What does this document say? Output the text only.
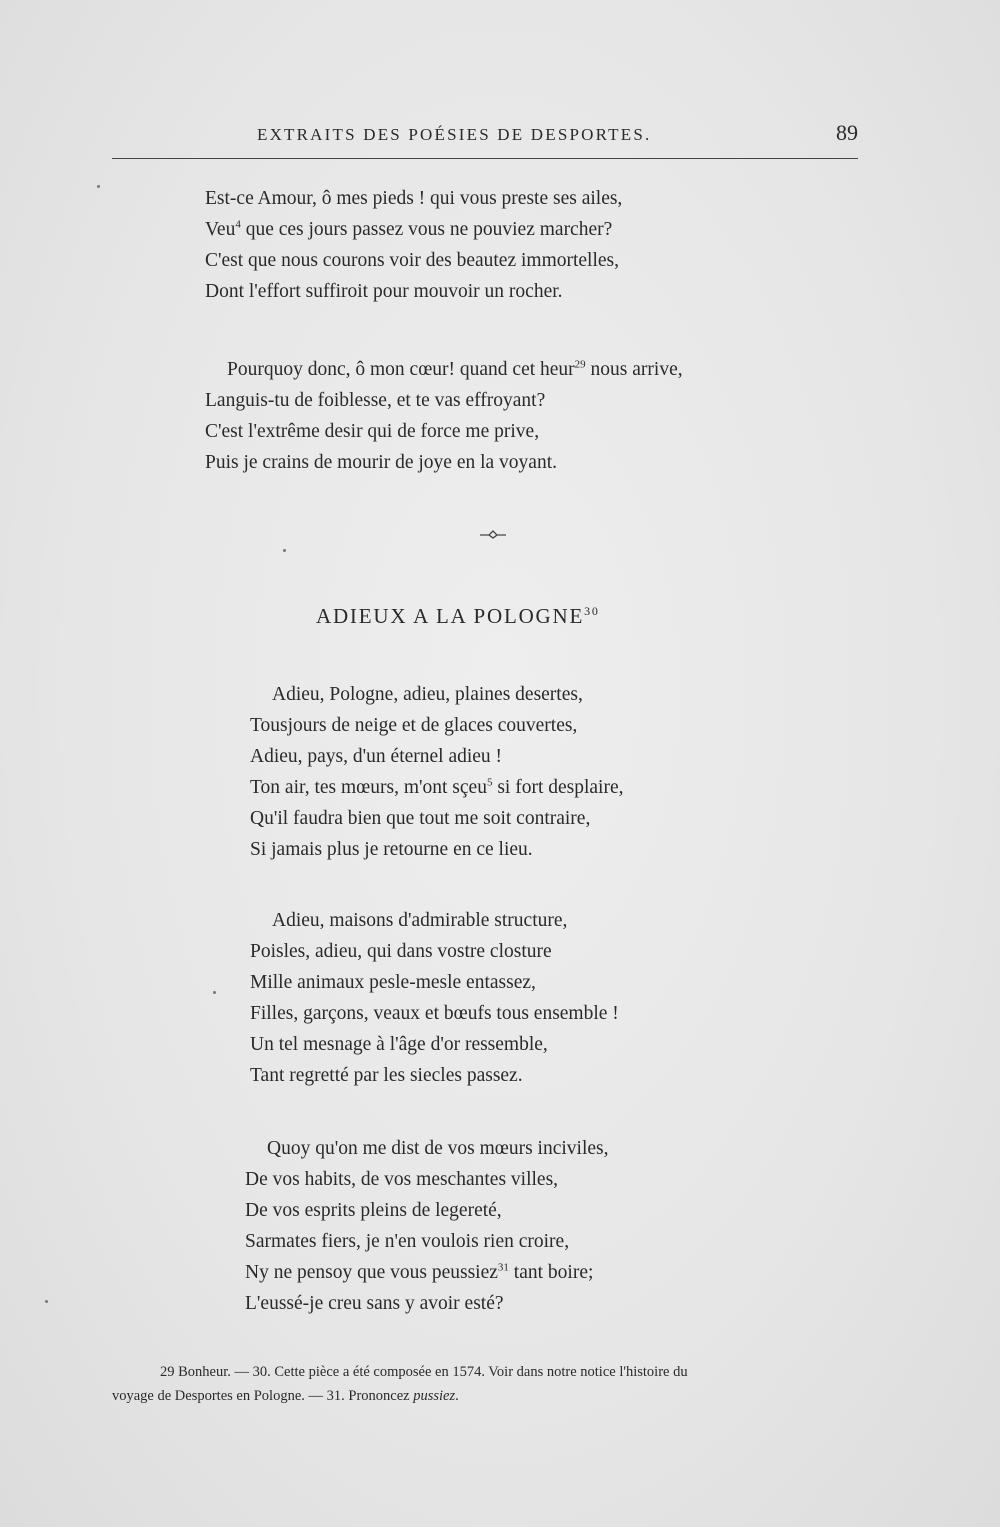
EXTRAITS DES POÉSIES DE DESPORTES.	89
Est-ce Amour, ô mes pieds ! qui vous preste ses ailes,
Veu$^4$ que ces jours passez vous ne pouviez marcher?
C'est que nous courons voir des beautez immortelles,
Dont l'effort suffiroit pour mouvoir un rocher.
Pourquoy donc, ô mon cœur! quand cet heur$^{29}$ nous arrive,
Languis-tu de foiblesse, et te vas effroyant?
C'est l'extrême desir qui de force me prive,
Puis je crains de mourir de joye en la voyant.
ADIEUX A LA POLOGNE$^{30}$
Adieu, Pologne, adieu, plaines desertes,
Tousjours de neige et de glaces couvertes,
Adieu, pays, d'un éternel adieu !
Ton air, tes mœurs, m'ont sçeu$^5$ si fort desplaire,
Qu'il faudra bien que tout me soit contraire,
Si jamais plus je retourne en ce lieu.
Adieu, maisons d'admirable structure,
Poisles, adieu, qui dans vostre closture
Mille animaux pesle-mesle entassez,
Filles, garçons, veaux et bœufs tous ensemble !
Un tel mesnage à l'âge d'or ressemble,
Tant regretté par les siecles passez.
Quoy qu'on me dist de vos mœurs inciviles,
De vos habits, de vos meschantes villes,
De vos esprits pleins de legereté,
Sarmates fiers, je n'en voulois rien croire,
Ny ne pensoy que vous peussiez$^{31}$ tant boire;
L'eussé-je creu sans y avoir esté?
29 Bonheur. — 30. Cette pièce a été composée en 1574. Voir dans notre notice l'histoire du
voyage de Desportes en Pologne. — 31. Prononcez pussiez.
